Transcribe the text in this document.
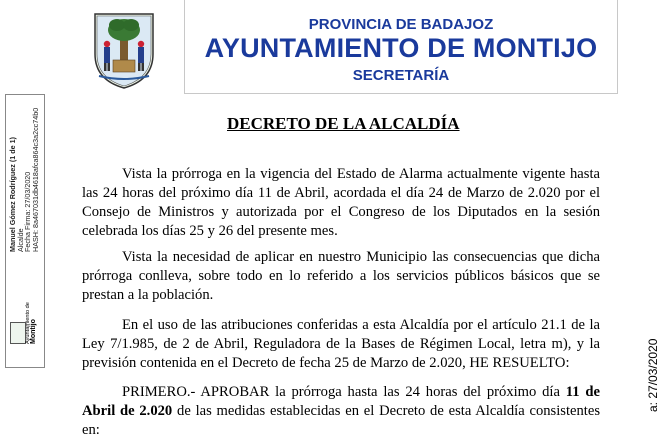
PROVINCIA DE BADAJOZ
AYUNTAMIENTO DE MONTIJO
SECRETARÍA
Manuel Gómez Rodríguez (1 de 1)
Alcalde
Fecha Firma: 27/03/2020
HASH: 8a467031db4618afca864c3a2cc74b0
Ayuntamiento de Montijo
a: 27/03/2020
DECRETO DE LA ALCALDÍA

Vista la prórroga en la vigencia del Estado de Alarma actualmente vigente hasta las 24 horas del próximo día 11 de Abril, acordada el día 24 de Marzo de 2.020 por el Consejo de Ministros y autorizada por el Congreso de los Diputados en la sesión celebrada los días 25 y 26 del presente mes.

Vista la necesidad de aplicar en nuestro Municipio las consecuencias que dicha prórroga conlleva, sobre todo en lo referido a los servicios públicos básicos que se prestan a la población.

En el uso de las atribuciones conferidas a esta Alcaldía por el artículo 21.1 de la Ley 7/1.985, de 2 de Abril, Reguladora de la Bases de Régimen Local, letra m), y la previsión contenida en el Decreto de fecha 25 de Marzo de 2.020, HE RESUELTO:

PRIMERO.- APROBAR la prórroga hasta las 24 horas del próximo día 11 de Abril de 2.020 de las medidas establecidas en el Decreto de esta Alcaldía consistentes en:
